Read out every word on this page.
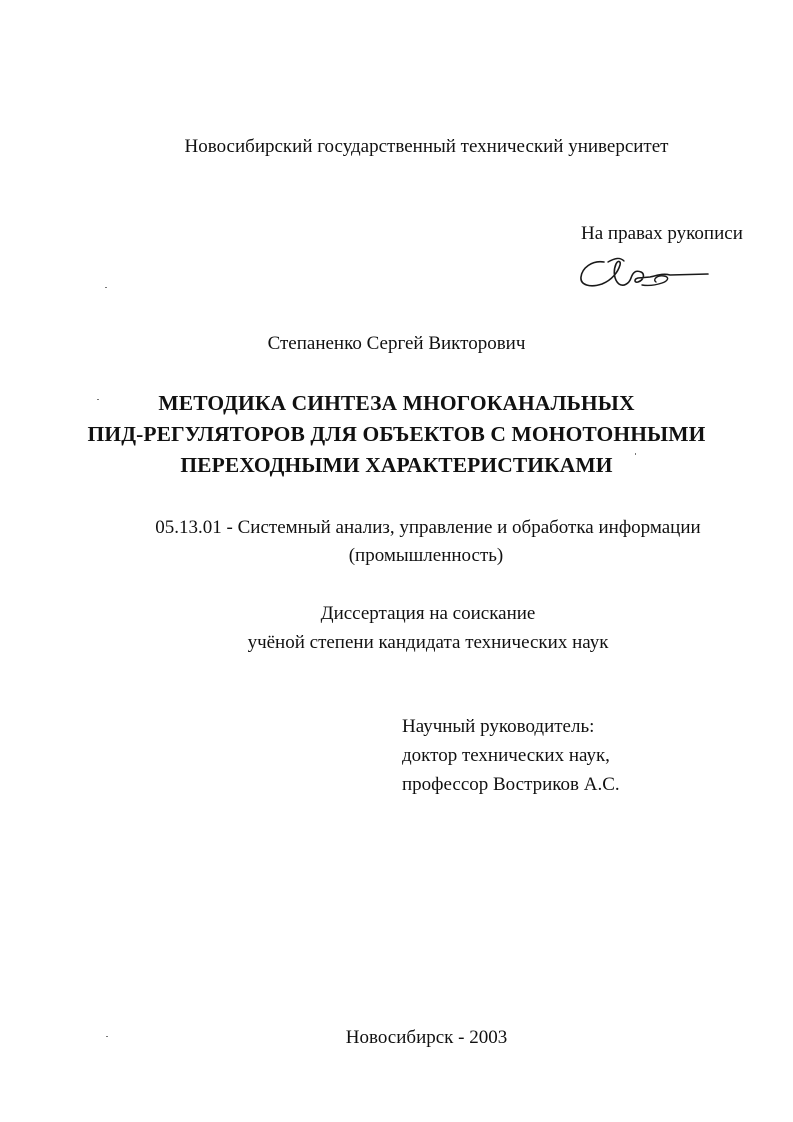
Новосибирский государственный технический университет
На правах рукописи
Степаненко Сергей Викторович
МЕТОДИКА СИНТЕЗА МНОГОКАНАЛЬНЫХ
ПИД-РЕГУЛЯТОРОВ ДЛЯ ОБЪЕКТОВ С МОНОТОННЫМИ
ПЕРЕХОДНЫМИ ХАРАКТЕРИСТИКАМИ
05.13.01 - Системный анализ, управление и обработка информации
(промышленность)
Диссертация на соискание
учёной степени кандидата технических наук
Научный руководитель:
доктор технических наук,
профессор Востриков А.С.
Новосибирск - 2003
